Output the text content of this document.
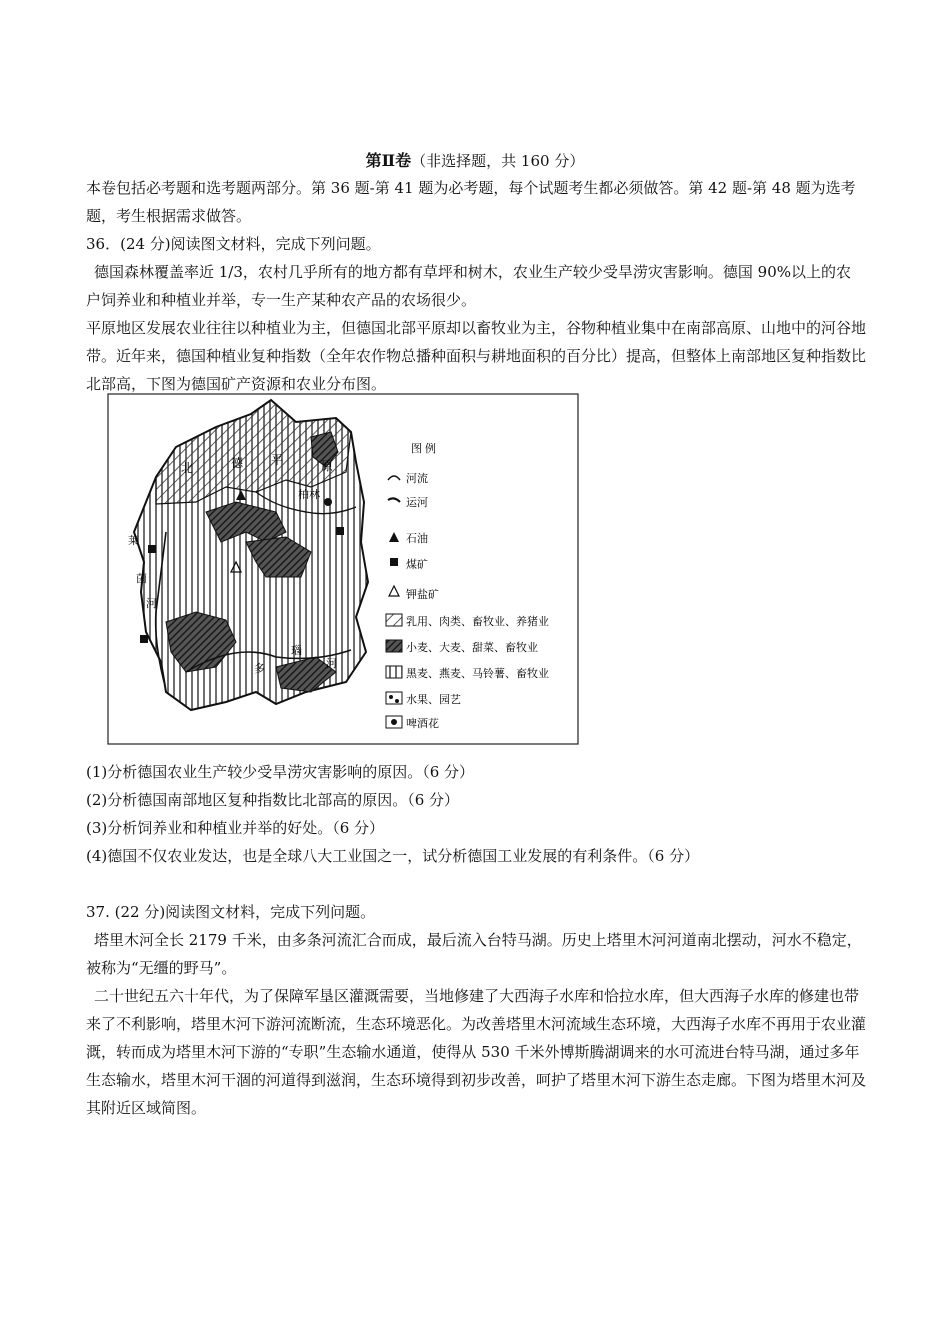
第Ⅱ卷（非选择题，共 160 分）

本卷包括必考题和选考题两部分。第 36 题-第 41 题为必考题，每个试题考生都必须做答。第 42 题-第 48 题为选考题，考生根据需求做答。

36．(24 分)阅读图文材料，完成下列问题。

德国森林覆盖率近 1/3，农村几乎所有的地方都有草坪和树木，农业生产较少受旱涝灾害影响。德国 90%以上的农户饲养业和种植业并举，专一生产某种农产品的农场很少。

平原地区发展农业往往以种植业为主，但德国北部平原却以畜牧业为主，谷物种植业集中在南部高原、山地中的河谷地带。近年来，德国种植业复种指数（全年农作物总播种面积与耕地面积的百分比）提高，但整体上南部地区复种指数比北部高，下图为德国矿产资源和农业分布图。

北	德 平	原
柏林
莱
茵
河
多
瑙
河
图 例
河流
运河
石油
煤矿
钾盐矿
乳用、肉类、畜牧业、养猪业
小麦、大麦、甜菜、畜牧业
黑麦、燕麦、马铃薯、畜牧业
水果、园艺
啤酒花

(1)分析德国农业生产较少受旱涝灾害影响的原因。（6 分）

(2)分析德国南部地区复种指数比北部高的原因。（6 分）

(3)分析饲养业和种植业并举的好处。（6 分）

(4)德国不仅农业发达，也是全球八大工业国之一，试分析德国工业发展的有利条件。（6 分）

37. (22 分)阅读图文材料，完成下列问题。

塔里木河全长 2179 千米，由多条河流汇合而成，最后流入台特马湖。历史上塔里木河河道南北摆动，河水不稳定，被称为“无缰的野马”。

二十世纪五六十年代，为了保障军垦区灌溉需要，当地修建了大西海子水库和恰拉水库，但大西海子水库的修建也带来了不利影响，塔里木河下游河流断流，生态环境恶化。为改善塔里木河流域生态环境，大西海子水库不再用于农业灌溉，转而成为塔里木河下游的“专职”生态输水通道，使得从 530 千米外博斯腾湖调来的水可流进台特马湖，通过多年生态输水，塔里木河干涸的河道得到滋润，生态环境得到初步改善，呵护了塔里木河下游生态走廊。下图为塔里木河及其附近区域简图。
